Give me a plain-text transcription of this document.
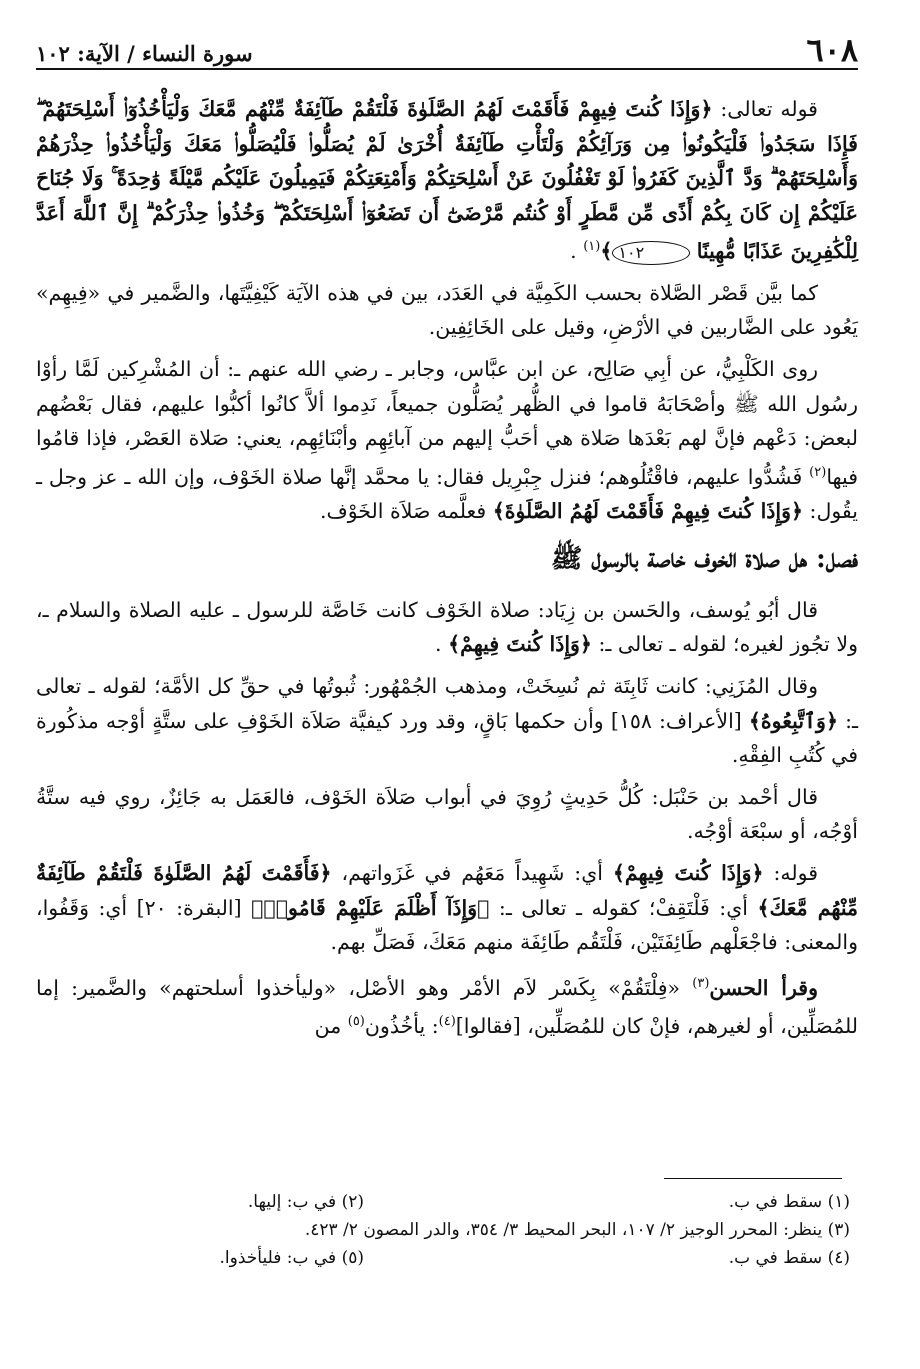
٦٠٨
سورة النساء / الآية: ١٠٢

قوله تعالى: ﴿وَإِذَا كُنتَ فِيهِمْ فَأَقَمْتَ لَهُمُ الصَّلَوٰةَ فَلْتَقُمْ طَآئِفَةٌ مِّنْهُم مَّعَكَ وَلْيَأْخُذُوٓا۟ أَسْلِحَتَهُمْ ۖ فَإِذَا سَجَدُوا۟ فَلْيَكُونُوا۟ مِن وَرَآئِكُمْ وَلْتَأْتِ طَآئِفَةٌ أُخْرَىٰ لَمْ يُصَلُّوا۟ فَلْيُصَلُّوا۟ مَعَكَ وَلْيَأْخُذُوا۟ حِذْرَهُمْ وَأَسْلِحَتَهُمْ ۗ وَدَّ ٱلَّذِينَ كَفَرُوا۟ لَوْ تَغْفُلُونَ عَنْ أَسْلِحَتِكُمْ وَأَمْتِعَتِكُمْ فَيَمِيلُونَ عَلَيْكُم مَّيْلَةً وَٰحِدَةً ۚ وَلَا جُنَاحَ عَلَيْكُمْ إِن كَانَ بِكُمْ أَذًى مِّن مَّطَرٍ أَوْ كُنتُم مَّرْضَىٰٓ أَن تَضَعُوٓا۟ أَسْلِحَتَكُمْ ۖ وَخُذُوا۟ حِذْرَكُمْ ۗ إِنَّ ٱللَّهَ أَعَدَّ لِلْكَٰفِرِينَ عَذَابًا مُّهِينًا ١٠٢﴾$^{(١)}$ .

كما بيَّن قَصْر الصَّلاة بحسب الكَمِيَّة في العَدَد، بين في هذه الآيَة كَيْفِيَّتَها، والضَّمير في «فِيهِم» يَعُود على الضَّاربين في الأرْضِ، وقيل على الخَائِفِين.

روى الكَلْبِيُّ، عن أبِي صَالِح، عن ابن عبَّاس، وجابر ـ رضي الله عنهم ـ: أن المُشْرِكين لَمَّا رأوْا رسُول الله ﷺ وأصْحَابَهُ قاموا في الظُّهر يُصَلُّون جميعاً، نَدِموا ألاَّ كانُوا أكبُّوا عليهم، فقال بَعْضُهم لبعض: دَعْهم فإنَّ لهم بَعْدَها صَلاة هي أحَبُّ إليهم من آبائِهِم وأبْنَائِهِم، يعني: صَلاة العَصْر، فإذا قامُوا فيها$^{(٢)}$ فَشُدُّوا عليهم، فاقْتُلُوهم؛ فنزل جِبْرِيل فقال: يا محمَّد إنَّها صلاة الخَوْف، وإن الله ـ عز وجل ـ يقُول: ﴿وَإِذَا كُنتَ فِيهِمْ فَأَقَمْتَ لَهُمُ الصَّلَوٰةَ﴾ فعلَّمه صَلاَة الخَوْف.

فصل: هل صلاة الخوف خاصة بالرسول ﷺ

قال أبُو يُوسف، والحَسن بن زِيَاد: صلاة الخَوْف كانت خَاصَّة للرسول ـ عليه الصلاة والسلام ـ، ولا تجُوز لغيره؛ لقوله ـ تعالى ـ: ﴿وَإِذَا كُنتَ فِيهِمْ﴾ .

وقال المُزَنِي: كانت ثَابِتَة ثم نُسِخَتْ، ومذهب الجُمْهُور: ثُبوتُها في حقِّ كل الأمَّة؛ لقوله ـ تعالى ـ: ﴿وَٱتَّبِعُوهُ﴾ [الأعراف: ١٥٨] وأن حكمها بَاقٍ، وقد ورد كيفيَّة صَلاَة الخَوْفِ على ستَّةٍ أوْجه مذكُورة في كُتُبِ الفِقْهِ.

قال أحْمد بن حَنْبَل: كُلُّ حَدِيثٍ رُوِيَ في أبواب صَلاَة الخَوْف، فالعَمَل به جَائِزٌ، روي فيه ستَّةُ أوْجُه، أو سبْعَة أوْجُه.

قوله: ﴿وَإِذَا كُنتَ فِيهِمْ﴾ أي: شَهِيداً مَعَهُم في غَزَواتهم، ﴿فَأَقَمْتَ لَهُمُ الصَّلَوٰةَ فَلْتَقُمْ طَآئِفَةٌ مِّنْهُم مَّعَكَ﴾ أي: فَلْتَقِفْ؛ كقوله ـ تعالى ـ: ﴿وَإِذَآ أَظْلَمَ عَلَيْهِمْ قَامُوا۟﴾ [البقرة: ٢٠] أي: وَقَفُوا، والمعنى: فاجْعَلْهم طَائِفَتَيْن، فَلْتَقُم طَائِفَة منهم مَعَكَ، فَصَلِّ بهم.

وقرأ الحسن$^{(٣)}$ «فِلْتَقُمْ» بِكَسْر لاَم الأمْر وهو الأصْل، «وليأخذوا أسلحتهم» والضَّمير: إما للمُصَلِّين، أو لغيرهم، فإنْ كان للمُصَلِّين، [فقالوا]$^{(٤)}$: يأخُذُون$^{(٥)}$ من

(١) سقط في ب.
(٢) في ب: إليها.
(٣) ينظر: المحرر الوجيز ٢/ ١٠٧، البحر المحيط ٣/ ٣٥٤، والدر المصون ٢/ ٤٢٣.
(٤) سقط في ب.
(٥) في ب: فليأخذوا.
